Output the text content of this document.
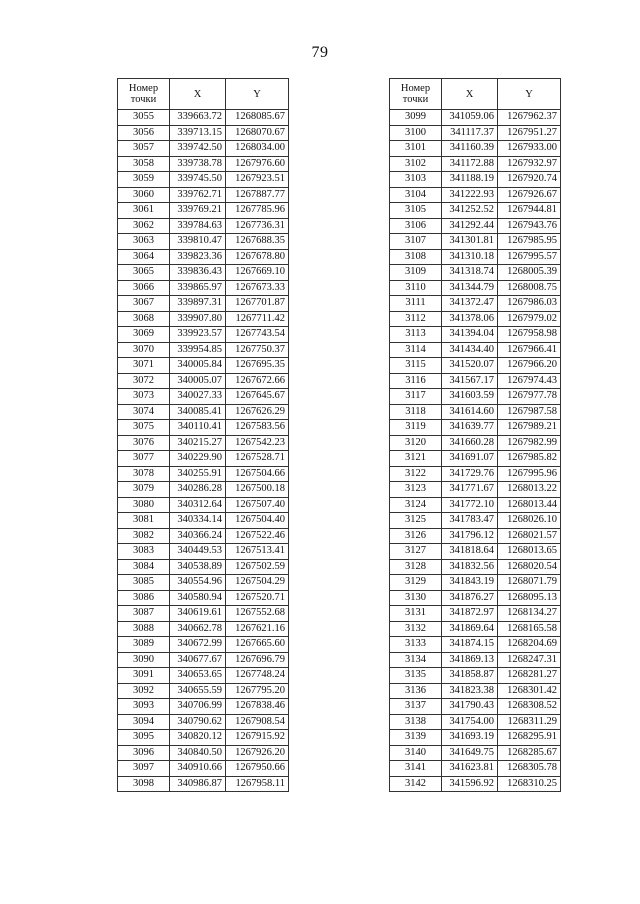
79
Номер
точки	X	Y
3055	339663.72	1268085.67
3056	339713.15	1268070.67
3057	339742.50	1268034.00
3058	339738.78	1267976.60
3059	339745.50	1267923.51
3060	339762.71	1267887.77
3061	339769.21	1267785.96
3062	339784.63	1267736.31
3063	339810.47	1267688.35
3064	339823.36	1267678.80
3065	339836.43	1267669.10
3066	339865.97	1267673.33
3067	339897.31	1267701.87
3068	339907.80	1267711.42
3069	339923.57	1267743.54
3070	339954.85	1267750.37
3071	340005.84	1267695.35
3072	340005.07	1267672.66
3073	340027.33	1267645.67
3074	340085.41	1267626.29
3075	340110.41	1267583.56
3076	340215.27	1267542.23
3077	340229.90	1267528.71
3078	340255.91	1267504.66
3079	340286.28	1267500.18
3080	340312.64	1267507.40
3081	340334.14	1267504.40
3082	340366.24	1267522.46
3083	340449.53	1267513.41
3084	340538.89	1267502.59
3085	340554.96	1267504.29
3086	340580.94	1267520.71
3087	340619.61	1267552.68
3088	340662.78	1267621.16
3089	340672.99	1267665.60
3090	340677.67	1267696.79
3091	340653.65	1267748.24
3092	340655.59	1267795.20
3093	340706.99	1267838.46
3094	340790.62	1267908.54
3095	340820.12	1267915.92
3096	340840.50	1267926.20
3097	340910.66	1267950.66
3098	340986.87	1267958.11
Номер
точки	X	Y
3099	341059.06	1267962.37
3100	341117.37	1267951.27
3101	341160.39	1267933.00
3102	341172.88	1267932.97
3103	341188.19	1267920.74
3104	341222.93	1267926.67
3105	341252.52	1267944.81
3106	341292.44	1267943.76
3107	341301.81	1267985.95
3108	341310.18	1267995.57
3109	341318.74	1268005.39
3110	341344.79	1268008.75
3111	341372.47	1267986.03
3112	341378.06	1267979.02
3113	341394.04	1267958.98
3114	341434.40	1267966.41
3115	341520.07	1267966.20
3116	341567.17	1267974.43
3117	341603.59	1267977.78
3118	341614.60	1267987.58
3119	341639.77	1267989.21
3120	341660.28	1267982.99
3121	341691.07	1267985.82
3122	341729.76	1267995.96
3123	341771.67	1268013.22
3124	341772.10	1268013.44
3125	341783.47	1268026.10
3126	341796.12	1268021.57
3127	341818.64	1268013.65
3128	341832.56	1268020.54
3129	341843.19	1268071.79
3130	341876.27	1268095.13
3131	341872.97	1268134.27
3132	341869.64	1268165.58
3133	341874.15	1268204.69
3134	341869.13	1268247.31
3135	341858.87	1268281.27
3136	341823.38	1268301.42
3137	341790.43	1268308.52
3138	341754.00	1268311.29
3139	341693.19	1268295.91
3140	341649.75	1268285.67
3141	341623.81	1268305.78
3142	341596.92	1268310.25
